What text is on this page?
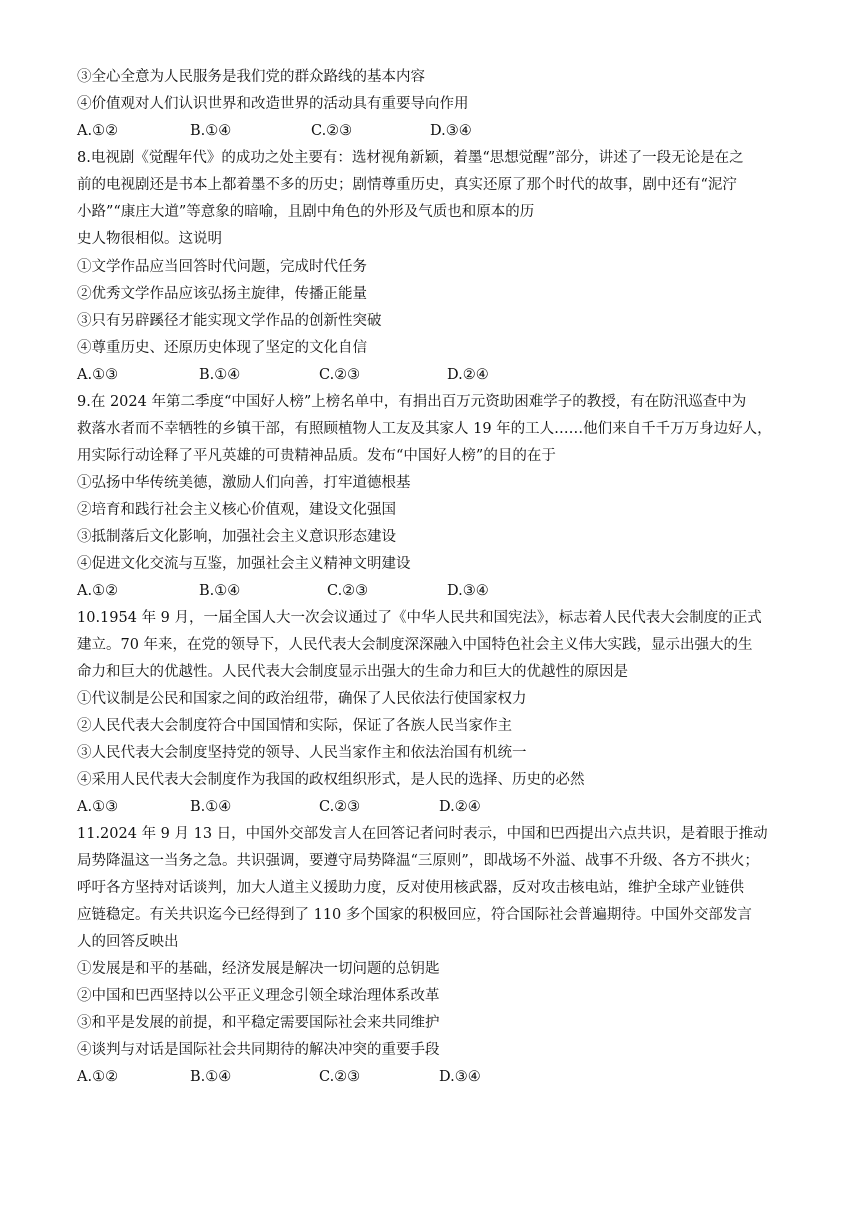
③全心全意为人民服务是我们党的群众路线的基本内容
④价值观对人们认识世界和改造世界的活动具有重要导向作用
A.①②	B.①④	C.②③	D.③④
8.电视剧《觉醒年代》的成功之处主要有：选材视角新颖，着墨“思想觉醒”部分，讲述了一段无论是在之
前的电视剧还是书本上都着墨不多的历史；剧情尊重历史，真实还原了那个时代的故事，剧中还有“泥泞
小路”“康庄大道”等意象的暗喻，且剧中角色的外形及气质也和原本的历
史人物很相似。这说明
①文学作品应当回答时代问题，完成时代任务
②优秀文学作品应该弘扬主旋律，传播正能量
③只有另辟蹊径才能实现文学作品的创新性突破
④尊重历史、还原历史体现了坚定的文化自信
A.①③	B.①④	C.②③	D.②④
9.在 2024 年第二季度“中国好人榜”上榜名单中，有捐出百万元资助困难学子的教授，有在防汛巡查中为
救落水者而不幸牺牲的乡镇干部，有照顾植物人工友及其家人 19 年的工人……他们来自千千万万身边好人，
用实际行动诠释了平凡英雄的可贵精神品质。发布“中国好人榜”的目的在于
①弘扬中华传统美德，激励人们向善，打牢道德根基
②培育和践行社会主义核心价值观，建设文化强国
③抵制落后文化影响，加强社会主义意识形态建设
④促进文化交流与互鉴，加强社会主义精神文明建设
A.①②	B.①④	C.②③	D.③④
10.1954 年 9 月，一届全国人大一次会议通过了《中华人民共和国宪法》，标志着人民代表大会制度的正式
建立。70 年来，在党的领导下，人民代表大会制度深深融入中国特色社会主义伟大实践，显示出强大的生
命力和巨大的优越性。人民代表大会制度显示出强大的生命力和巨大的优越性的原因是
①代议制是公民和国家之间的政治纽带，确保了人民依法行使国家权力
②人民代表大会制度符合中国国情和实际，保证了各族人民当家作主
③人民代表大会制度坚持党的领导、人民当家作主和依法治国有机统一
④采用人民代表大会制度作为我国的政权组织形式，是人民的选择、历史的必然
A.①③	B.①④	C.②③	D.②④
11.2024 年 9 月 13 日，中国外交部发言人在回答记者问时表示，中国和巴西提出六点共识，是着眼于推动
局势降温这一当务之急。共识强调，要遵守局势降温“三原则”，即战场不外溢、战事不升级、各方不拱火；
呼吁各方坚持对话谈判，加大人道主义援助力度，反对使用核武器，反对攻击核电站，维护全球产业链供
应链稳定。有关共识迄今已经得到了 110 多个国家的积极回应，符合国际社会普遍期待。中国外交部发言
人的回答反映出
①发展是和平的基础，经济发展是解决一切问题的总钥匙
②中国和巴西坚持以公平正义理念引领全球治理体系改革
③和平是发展的前提，和平稳定需要国际社会来共同维护
④谈判与对话是国际社会共同期待的解决冲突的重要手段
A.①②	B.①④	C.②③	D.③④
